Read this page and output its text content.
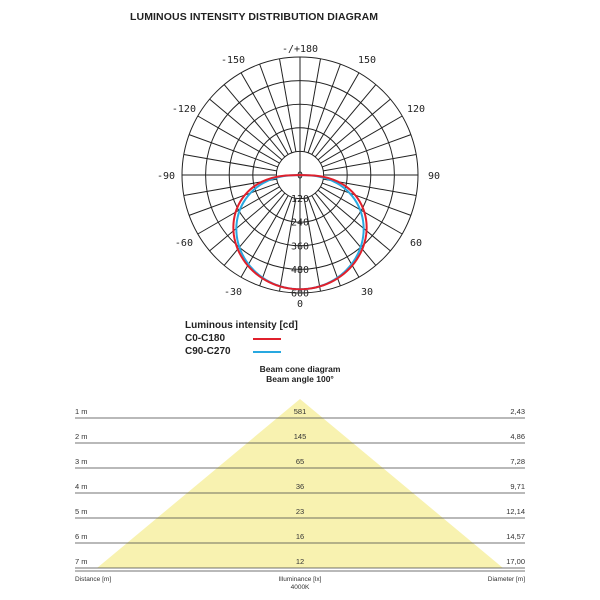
LUMINOUS INTENSITY DISTRIBUTION DIAGRAM
0
120
240
360
480
600
-/+180
150
-150
120
-120
90
-90
60
-60
30
-30
0
Luminous intensity [cd]
C0-C180
C90-C270
Beam cone diagram
Beam angle 100°
1 m	581	2,43
2 m	145	4,86
3 m	65	7,28
4 m	36	9,71
5 m	23	12,14
6 m	16	14,57
7 m	12	17,00
Distance [m]	Illuminance [lx]
4000K
Diameter [m]
